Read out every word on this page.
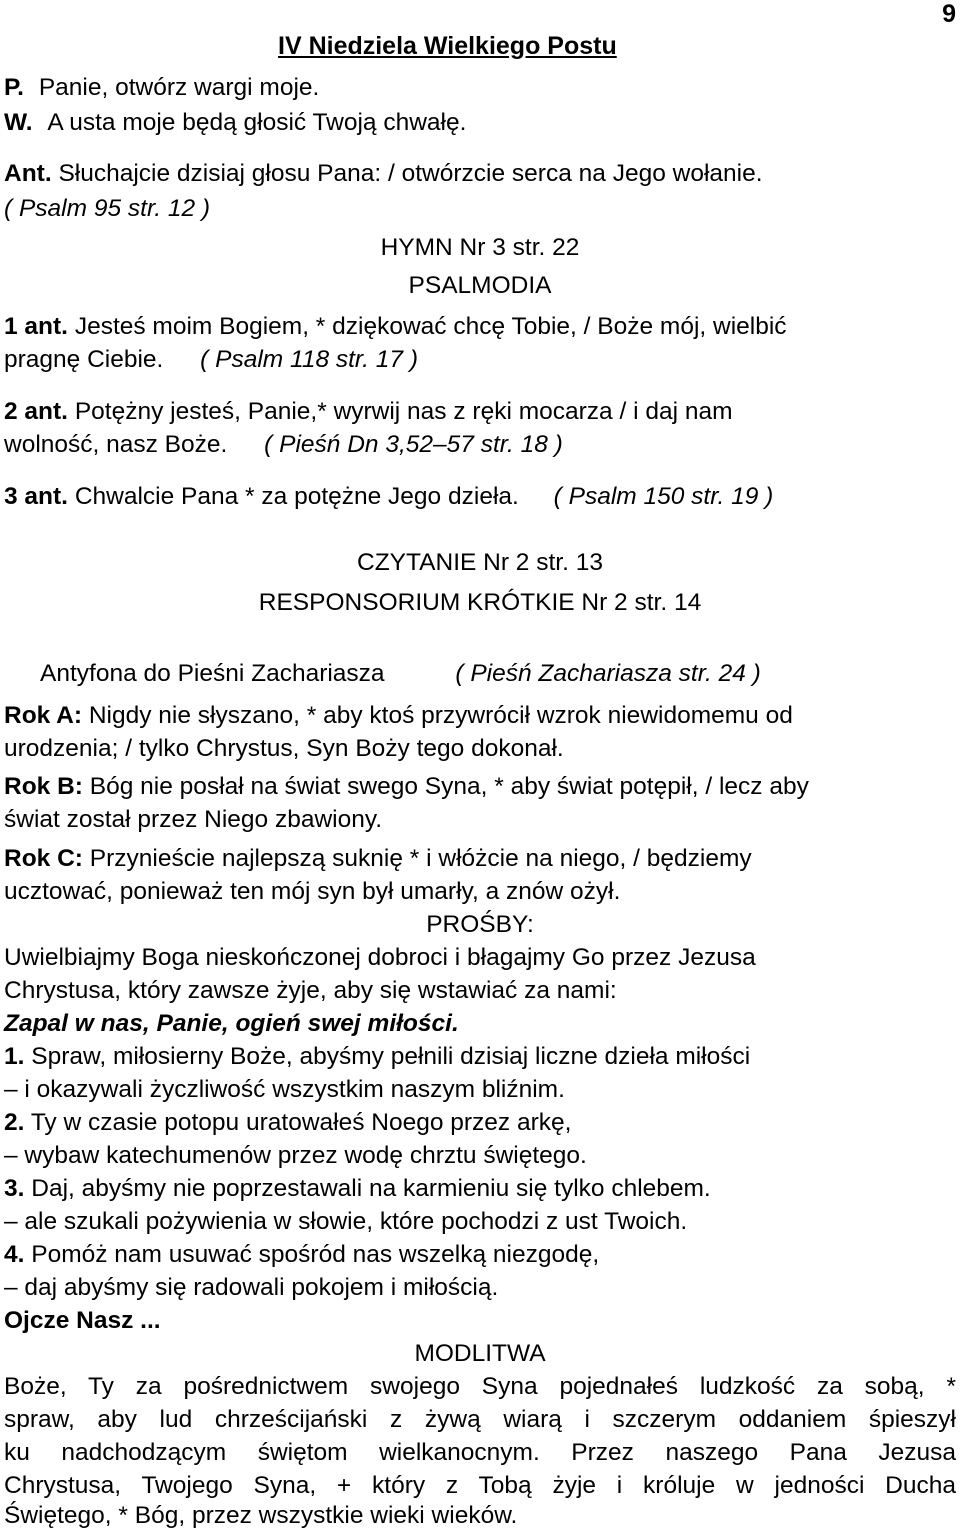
9
IV Niedziela Wielkiego Postu
P. Panie, otwórz wargi moje.
W. A usta moje będą głosić Twoją chwałę.
Ant. Słuchajcie dzisiaj głosu Pana: / otwórzcie serca na Jego wołanie.
( Psalm 95 str. 12 )
HYMN Nr 3 str. 22
PSALMODIA
1 ant. Jesteś moim Bogiem, * dziękować chcę Tobie, / Boże mój, wielbić
pragnę Ciebie. ( Psalm 118 str. 17 )
2 ant. Potężny jesteś, Panie,* wyrwij nas z ręki mocarza / i daj nam
wolność, nasz Boże. ( Pieśń Dn 3,52–57 str. 18 )
3 ant. Chwalcie Pana * za potężne Jego dzieła. ( Psalm 150 str. 19 )
CZYTANIE Nr 2 str. 13
RESPONSORIUM KRÓTKIE Nr 2 str. 14
Antyfona do Pieśni Zachariasza	( Pieśń Zachariasza str. 24 )
Rok A: Nigdy nie słyszano, * aby ktoś przywrócił wzrok niewidomemu od
urodzenia; / tylko Chrystus, Syn Boży tego dokonał.
Rok B: Bóg nie posłał na świat swego Syna, * aby świat potępił, / lecz aby
świat został przez Niego zbawiony.
Rok C: Przynieście najlepszą suknię * i włóżcie na niego, / będziemy
ucztować, ponieważ ten mój syn był umarły, a znów ożył.
PROŚBY:
Uwielbiajmy Boga nieskończonej dobroci i błagajmy Go przez Jezusa
Chrystusa, który zawsze żyje, aby się wstawiać za nami:
Zapal w nas, Panie, ogień swej miłości.
1. Spraw, miłosierny Boże, abyśmy pełnili dzisiaj liczne dzieła miłości
– i okazywali życzliwość wszystkim naszym bliźnim.
2. Ty w czasie potopu uratowałeś Noego przez arkę,
– wybaw katechumenów przez wodę chrztu świętego.
3. Daj, abyśmy nie poprzestawali na karmieniu się tylko chlebem.
– ale szukali pożywienia w słowie, które pochodzi z ust Twoich.
4. Pomóż nam usuwać spośród nas wszelką niezgodę,
– daj abyśmy się radowali pokojem i miłością.
Ojcze Nasz ...
MODLITWA
Boże, Ty za pośrednictwem swojego Syna pojednałeś ludzkość za sobą, *
spraw, aby lud chrześcijański z żywą wiarą i szczerym oddaniem śpieszył
ku nadchodzącym świętom wielkanocnym. Przez naszego Pana Jezusa
Chrystusa, Twojego Syna, + który z Tobą żyje i króluje w jedności Ducha
Świętego, * Bóg, przez wszystkie wieki wieków.
